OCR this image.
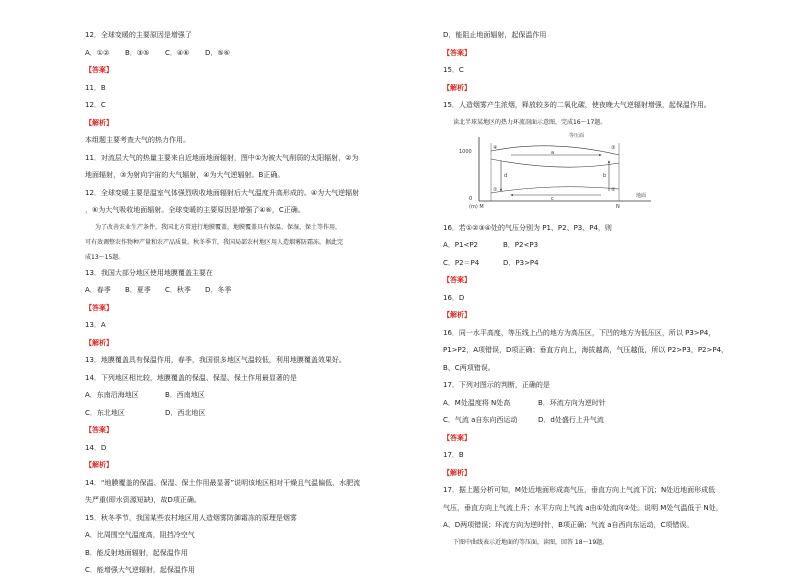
12．全球变暖的主要原因是增强了
A．①② B．③⑤ C．④⑥ D．⑤⑥
【答案】
11．B
12．C
【解析】
本组题主要考查大气的热力作用。
11．对流层大气的热量主要来自近地面地面辐射，图中①为被大气削弱的太阳辐射，②为
地面辐射，③为射向宇宙的大气辐射，④为大气逆辐射。B正确。
12．全球变暖主要是温室气体强烈吸收地面辐射后大气温度升高形成的。④为大气逆辐射
，⑥为大气吸收地面辐射。全球变暖的主要原因是增强了④⑥，C正确。
为了改善农业生产条件，我国北方常进行地膜覆盖，地膜覆盖具有保温、保湿、保土等作用，
可有效调整农作物种产量和农产品质量。秋冬季节，我国局部农村地区用人造烟雾防霜冻。据此完
成13～15题。
13．我国大部分地区使用地膜覆盖主要在
A．春季 B．夏季 C．秋季 D．冬季
【答案】
13．A
【解析】
13．地膜覆盖具有保温作用，春季，我国很多地区气温较低，利用地膜覆盖效果好。
14．下列地区相比较，地膜覆盖的保温、保湿、保土作用最显著的是
A．东南沿海地区	B．西南地区
C．东北地区	D．西北地区
【答案】
14．D
【解析】
14．“地膜覆盖的保温、保湿、保土作用最显著”说明该地区相对干燥且气温偏低、水肥流
失严重(即水资源短缺)，故D项正确。
15．秋冬季节，我国某些农村地区用人造烟雾防御霜冻的原理是烟雾
A．比周围空气温度高，阻挡冷空气
B．能反射地面辐射，起保温作用
C．能增强大气逆辐射，起保温作用
D．能阻止地面辐射，起保温作用
【答案】
15．C
【解析】
15．人造烟雾产生浓烟，释放较多的二氧化碳，使夜晚大气逆辐射增强，起保温作用。
读北半球某地区的热力环流剖面示意图，完成16～17题。
等压面
1000
0
(m) M	N
地面
a
b
c
d
①	②
③
④
16．若①②③④处的气压分别为 P1、P2、P3、P4，则
A．P1<P2	B．P2<P3
C．P2＝P4	D．P3>P4
【答案】
16．D
【解析】
16．同一水平高度，等压线上凸的地方为高压区，下凹的地方为低压区，所以 P3>P4，
P1>P2，A项错误，D项正确；垂直方向上，海拔越高，气压越低，所以 P2>P3，P2>P4，
B、C两项错误。
17．下列对图示的判断，正确的是
A．M处温度将 N处高	B．环流方向为逆时针
C．气流 a自东向西运动	D．d处盛行上升气流
【答案】
17．B
【解析】
17．据上题分析可知，M处近地面形成高气压，垂直方向上气流下沉；N处近地面形成低
气压，垂直方向上气流上升；水平方向上气流 a由①处流向②处。说明 M处气温低于 N处，
A、D两项错误；环流方向为逆时针，B项正确；气流 a自西向东运动，C项错误。
下图中曲线表示近地面的等压面，读图，回答 18～19题。
